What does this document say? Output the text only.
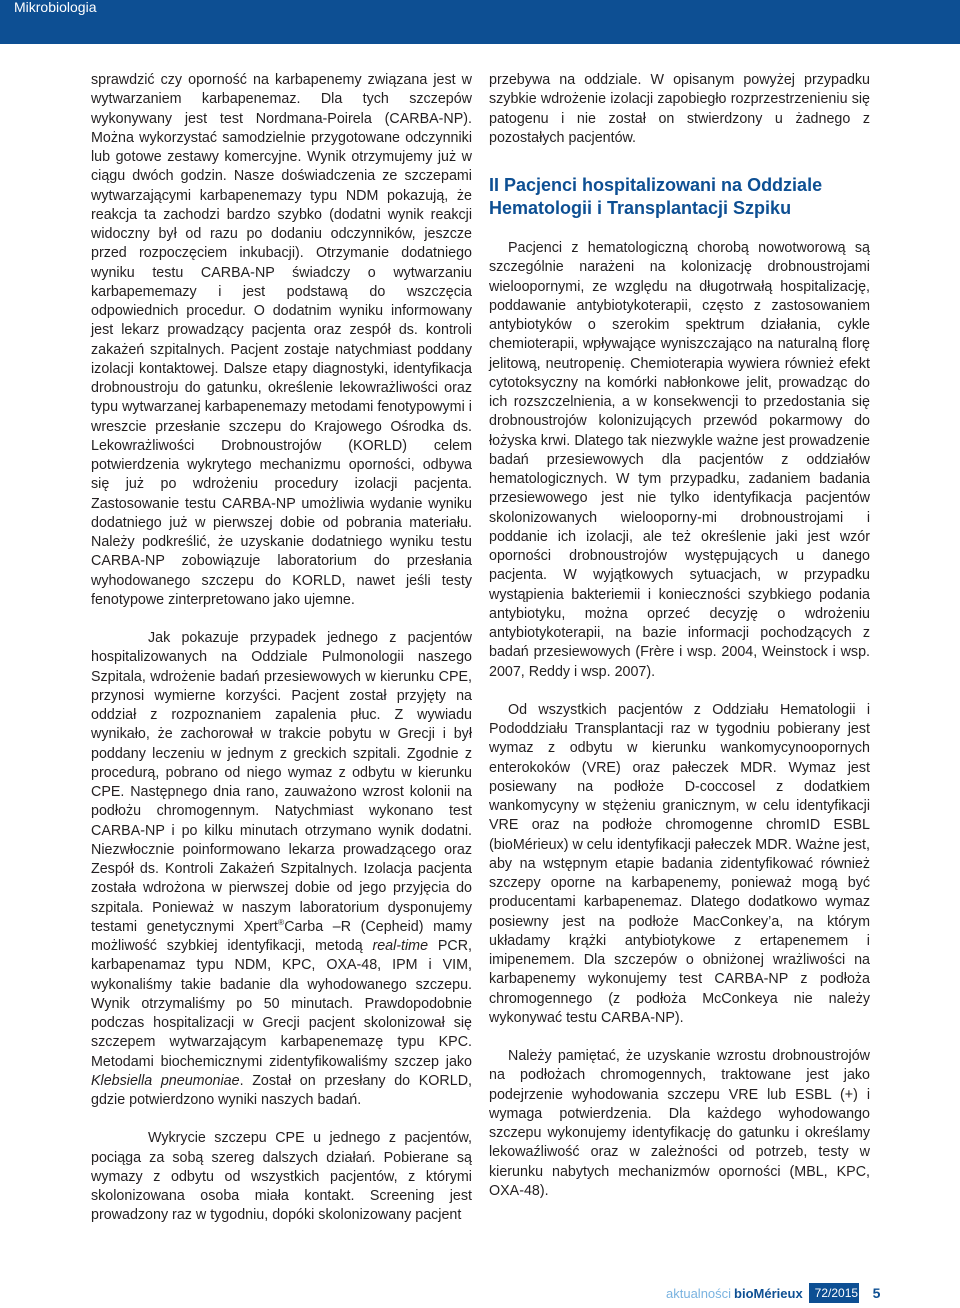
Mikrobiologia

sprawdzić czy oporność na karbapenemy związana jest w wytwarzaniem karbapenemaz. Dla tych szczepów wykonywany jest test Nordmana-Poirela (CARBA-NP). Można wykorzystać samodzielnie przygotowane odczynniki lub gotowe zestawy komercyjne. Wynik otrzymujemy już w ciągu dwóch godzin. Nasze doświadczenia ze szczepami wytwarzającymi karbapenemazy typu NDM pokazują, że reakcja ta zachodzi bardzo szybko (dodatni wynik reakcji widoczny był od razu po dodaniu odczynników, jeszcze przed rozpoczęciem inkubacji). Otrzymanie dodatniego wyniku testu CARBA-NP świadczy o wytwarzaniu karbapememazy i jest podstawą do wszczęcia odpowiednich procedur. O dodatnim wyniku informowany jest lekarz prowadzący pacjenta oraz zespół ds. kontroli zakażeń szpitalnych. Pacjent zostaje natychmiast poddany izolacji kontaktowej. Dalsze etapy diagnostyki, identyfikacja drobnoustroju do gatunku, określenie lekowrażliwości oraz typu wytwarzanej karbapenemazy metodami fenotypowymi i wreszcie przesłanie szczepu do Krajowego Ośrodka ds. Lekowrażliwości Drobnoustrojów (KORLD) celem potwierdzenia wykrytego mechanizmu oporności, odbywa się już po wdrożeniu procedury izolacji pacjenta. Zastosowanie testu CARBA-NP umożliwia wydanie wyniku dodatniego już w pierwszej dobie od pobrania materiału. Należy podkreślić, że uzyskanie dodatniego wyniku testu CARBA-NP zobowiązuje laboratorium do przesłania wyhodowanego szczepu do KORLD, nawet jeśli testy fenotypowe zinterpretowano jako ujemne.

Jak pokazuje przypadek jednego z pacjentów hospitalizowanych na Oddziale Pulmonologii naszego Szpitala, wdrożenie badań przesiewowych w kierunku CPE, przynosi wymierne korzyści. Pacjent został przyjęty na oddział z rozpoznaniem zapalenia płuc. Z wywiadu wynikało, że zachorował w trakcie pobytu w Grecji i był poddany leczeniu w jednym z greckich szpitali. Zgodnie z procedurą, pobrano od niego wymaz z odbytu w kierunku CPE. Następnego dnia rano, zauważono wzrost kolonii na podłożu chromogennym. Natychmiast wykonano test CARBA-NP i po kilku minutach otrzymano wynik dodatni. Niezwłocznie poinformowano lekarza prowadzącego oraz Zespół ds. Kontroli Zakażeń Szpitalnych. Izolacja pacjenta została wdrożona w pierwszej dobie od jego przyjęcia do szpitala. Ponieważ w naszym laboratorium dysponujemy testami genetycznymi Xpert®Carba –R (Cepheid) mamy możliwość szybkiej identyfikacji, metodą real-time PCR, karbapenamaz typu NDM, KPC, OXA-48, IPM i VIM, wykonaliśmy takie badanie dla wyhodowanego szczepu. Wynik otrzymaliśmy po 50 minutach. Prawdopodobnie podczas hospitalizacji w Grecji pacjent skolonizował się szczepem wytwarzającym karbapenemazę typu KPC. Metodami biochemicznymi zidentyfikowaliśmy szczep jako Klebsiella pneumoniae. Został on przesłany do KORLD, gdzie potwierdzono wyniki naszych badań.

Wykrycie szczepu CPE u jednego z pacjentów, pociąga za sobą szereg dalszych działań. Pobierane są wymazy z odbytu od wszystkich pacjentów, z którymi skolonizowana osoba miała kontakt. Screening jest prowadzony raz w tygodniu, dopóki skolonizowany pacjent

przebywa na oddziale. W opisanym powyżej przypadku szybkie wdrożenie izolacji zapobiegło rozprzestrzenieniu się patogenu i nie został on stwierdzony u żadnego z pozostałych pacjentów.

II Pacjenci hospitalizowani na Oddziale Hematologii i Transplantacji Szpiku

Pacjenci z hematologiczną chorobą nowotworową są szczególnie narażeni na kolonizację drobnoustrojami wieloopornymi, ze względu na długotrwałą hospitalizację, poddawanie antybiotykoterapii, często z zastosowaniem antybiotyków o szerokim spektrum działania, cykle chemioterapii, wpływające wyniszczająco na naturalną florę jelitową, neutropenię. Chemioterapia wywiera również efekt cytotoksyczny na komórki nabłonkowe jelit, prowadząc do ich rozszczelnienia, a w konsekwencji to przedostania się drobnoustrojów kolonizujących przewód pokarmowy do łożyska krwi. Dlatego tak niezwykle ważne jest prowadzenie badań przesiewowych dla pacjentów z oddziałów hematologicznych. W tym przypadku, zadaniem badania przesiewowego jest nie tylko identyfikacja pacjentów skolonizowanych wielooporny-mi drobnoustrojami i poddanie ich izolacji, ale też określenie jaki jest wzór oporności drobnoustrojów występujących u danego pacjenta. W wyjątkowych sytuacjach, w przypadku wystąpienia bakteriemii i konieczności szybkiego podania antybiotyku, można oprzeć decyzję o wdrożeniu antybiotykoterapii, na bazie informacji pochodzących z badań przesiewowych (Frère i wsp. 2004, Weinstock i wsp. 2007, Reddy i wsp. 2007).

Od wszystkich pacjentów z Oddziału Hematologii i Pododdziału Transplantacji raz w tygodniu pobierany jest wymaz z odbytu w kierunku wankomycynoopornych enterokoków (VRE) oraz pałeczek MDR. Wymaz jest posiewany na podłoże D-coccosel z dodatkiem wankomycyny w stężeniu granicznym, w celu identyfikacji VRE oraz na podłoże chromogenne chromID ESBL (bioMérieux) w celu identyfikacji pałeczek MDR. Ważne jest, aby na wstępnym etapie badania zidentyfikować również szczepy oporne na karbapenemy, ponieważ mogą być producentami karbapenemaz. Dlatego dodatkowo wymaz posiewny jest na podłoże MacConkey’a, na którym układamy krążki antybiotykowe z ertapenemem i imipenemem. Dla szczepów o obniżonej wrażliwości na karbapenemy wykonujemy test CARBA-NP z podłoża chromogennego (z podłoża McConkeya nie należy wykonywać testu CARBA-NP).

Należy pamiętać, że uzyskanie wzrostu drobnoustrojów na podłożach chromogennych, traktowane jest jako podejrzenie wyhodowania szczepu VRE lub ESBL (+) i wymaga potwierdzenia. Dla każdego wyhodowango szczepu wykonujemy identyfikację do gatunku i określamy lekowaźliwość oraz w zależności od potrzeb, testy w kierunku nabytych mechanizmów oporności (MBL, KPC, OXA-48).

aktualności bioMérieux	72/2015 5
